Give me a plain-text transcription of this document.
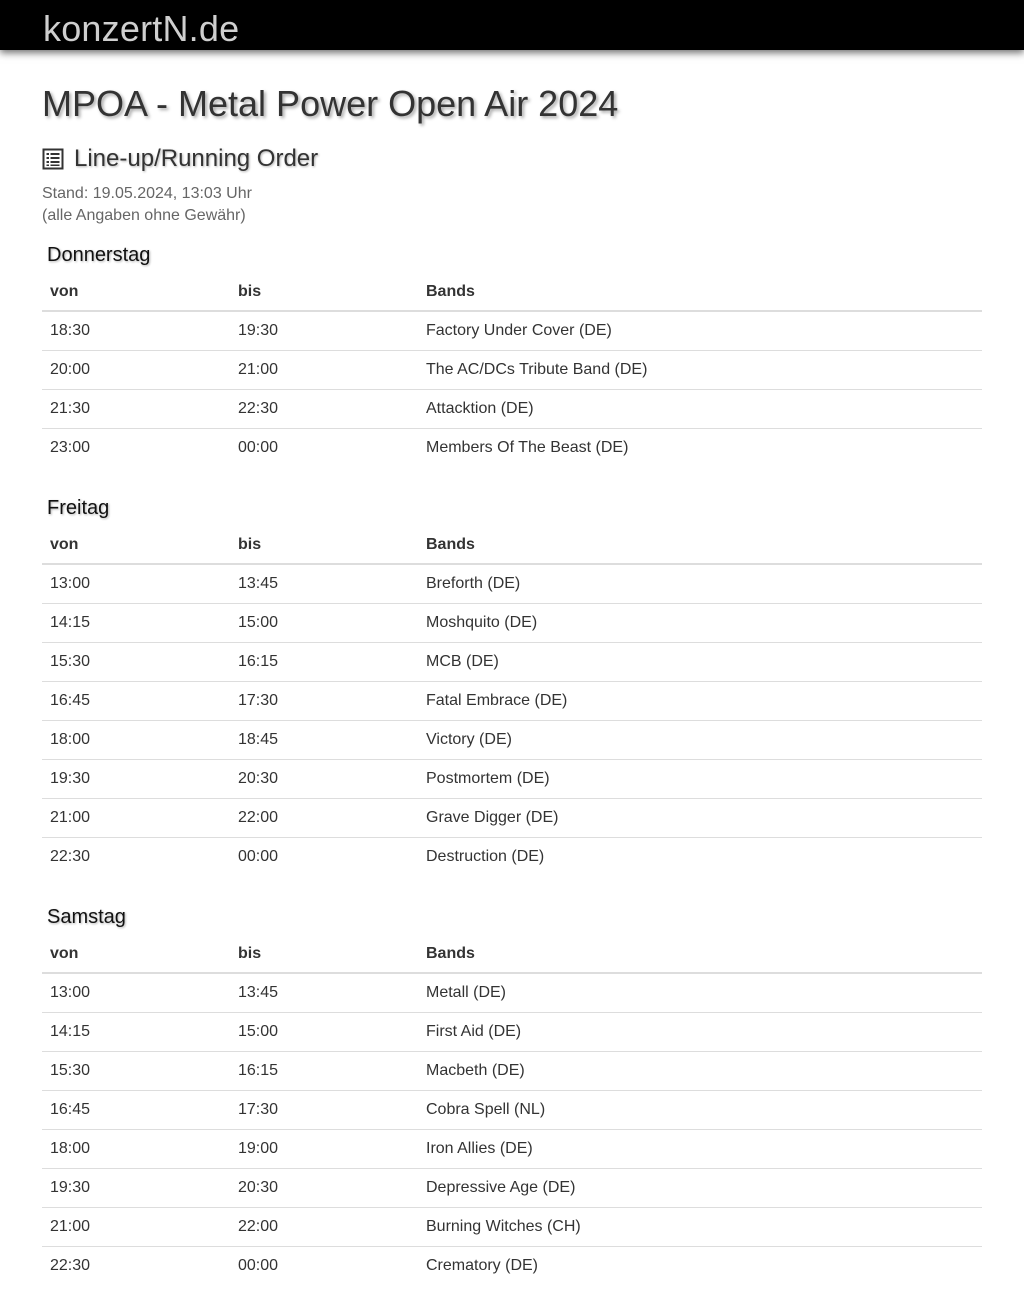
konzertN.de
MPOA - Metal Power Open Air 2024
Line-up/Running Order
Stand: 19.05.2024, 13:03 Uhr
(alle Angaben ohne Gewähr)
Donnerstag
von	bis	Bands
18:30	19:30	Factory Under Cover (DE)
20:00	21:00	The AC/DCs Tribute Band (DE)
21:30	22:30	Attacktion (DE)
23:00	00:00	Members Of The Beast (DE)
Freitag
von	bis	Bands
13:00	13:45	Breforth (DE)
14:15	15:00	Moshquito (DE)
15:30	16:15	MCB (DE)
16:45	17:30	Fatal Embrace (DE)
18:00	18:45	Victory (DE)
19:30	20:30	Postmortem (DE)
21:00	22:00	Grave Digger (DE)
22:30	00:00	Destruction (DE)
Samstag
von	bis	Bands
13:00	13:45	Metall (DE)
14:15	15:00	First Aid (DE)
15:30	16:15	Macbeth (DE)
16:45	17:30	Cobra Spell (NL)
18:00	19:00	Iron Allies (DE)
19:30	20:30	Depressive Age (DE)
21:00	22:00	Burning Witches (CH)
22:30	00:00	Crematory (DE)
